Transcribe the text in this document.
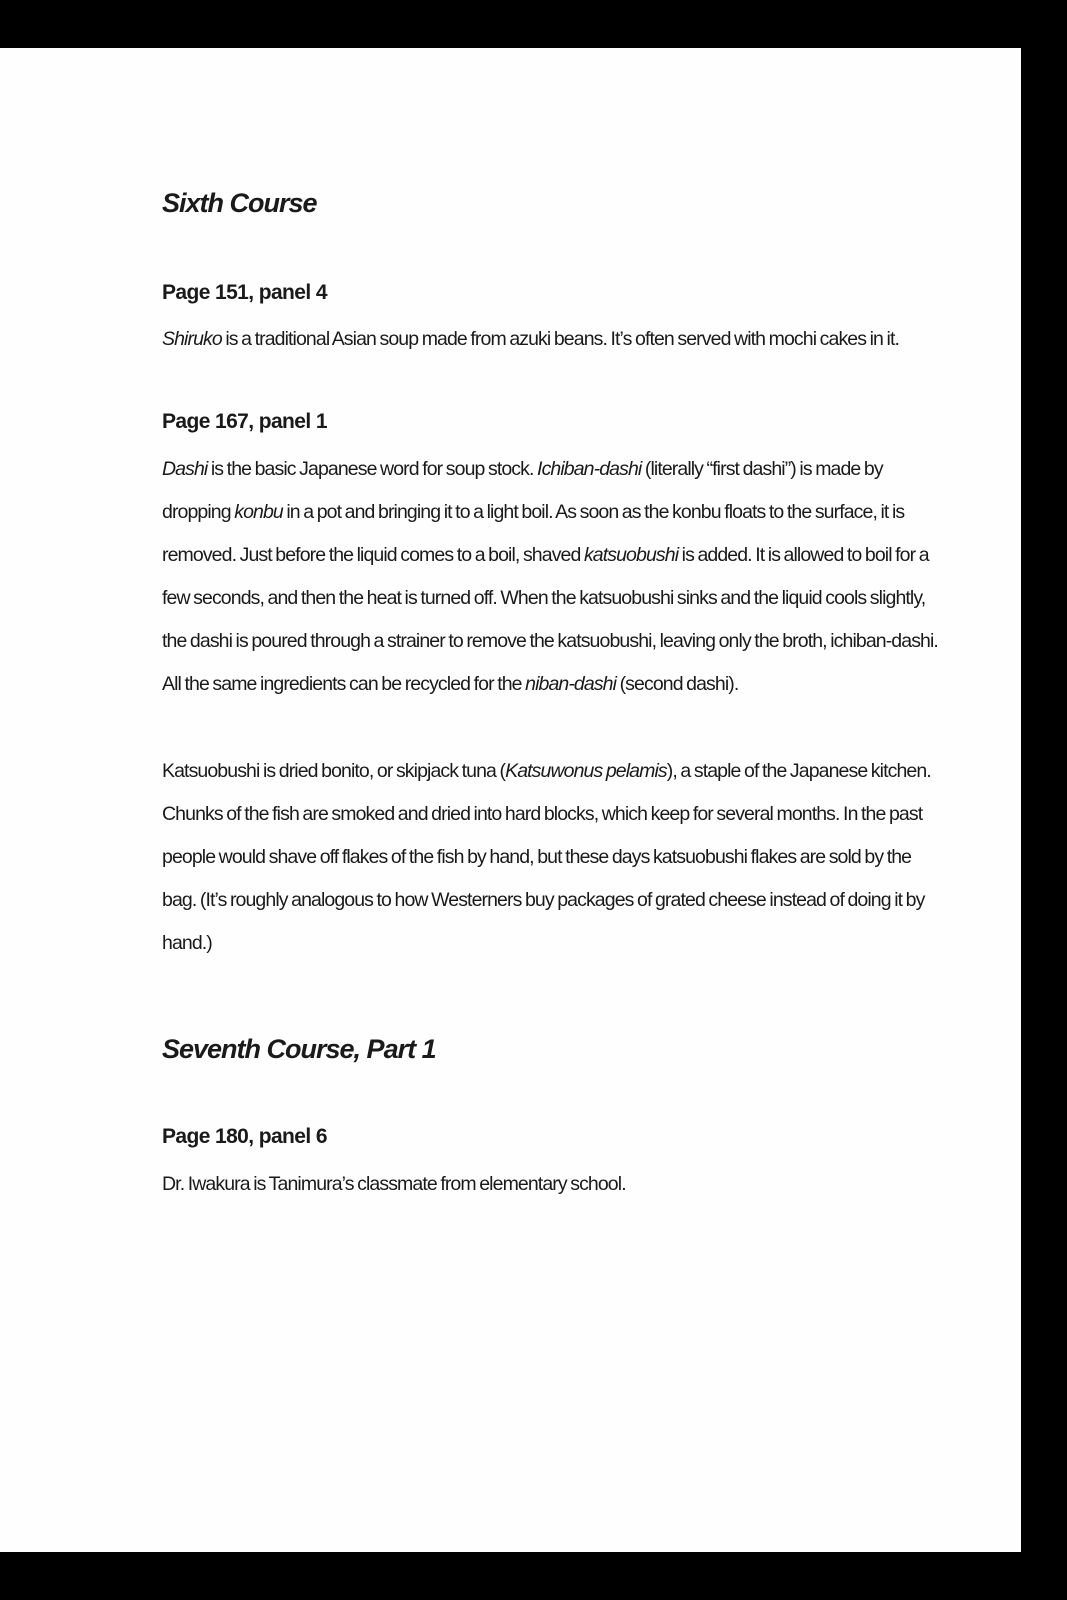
Sixth Course
Page 151, panel 4

Shiruko is a traditional Asian soup made from azuki beans. It’s often served with mochi cakes in it.

Page 167, panel 1

Dashi is the basic Japanese word for soup stock. Ichiban-dashi (literally “first dashi”) is made by dropping konbu in a pot and bringing it to a light boil. As soon as the konbu floats to the surface, it is removed. Just before the liquid comes to a boil, shaved katsuobushi is added. It is allowed to boil for a few seconds, and then the heat is turned off. When the katsuobushi sinks and the liquid cools slightly, the dashi is poured through a strainer to remove the katsuobushi, leaving only the broth, ichiban-dashi. All the same ingredients can be recycled for the niban-dashi (second dashi).

Katsuobushi is dried bonito, or skipjack tuna (Katsuwonus pelamis), a staple of the Japanese kitchen. Chunks of the fish are smoked and dried into hard blocks, which keep for several months. In the past people would shave off flakes of the fish by hand, but these days katsuobushi flakes are sold by the bag. (It’s roughly analogous to how Westerners buy packages of grated cheese instead of doing it by hand.)

Seventh Course, Part 1
Page 180, panel 6

Dr. Iwakura is Tanimura’s classmate from elementary school.
